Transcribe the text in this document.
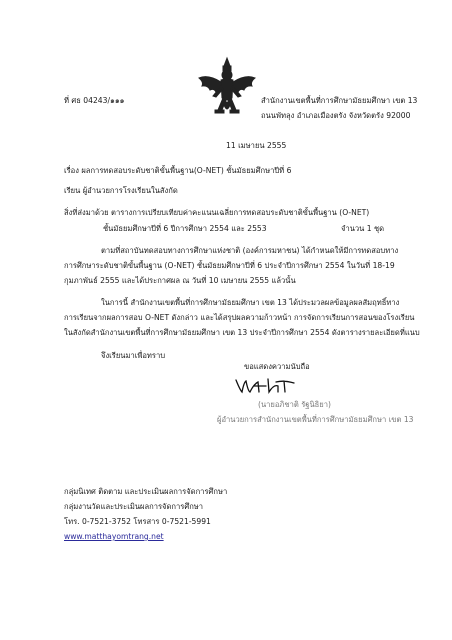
ที่ ศธ 04243/๑๑๑	สำนักงานเขตพื้นที่การศึกษามัธยมศึกษา เขต 13
ถนนพัทลุง อำเภอเมืองตรัง จังหวัดตรัง 92000
11 เมษายน 2555
เรื่อง ผลการทดสอบระดับชาติขั้นพื้นฐาน(O-NET) ชั้นมัธยมศึกษาปีที่ 6
เรียน ผู้อำนวยการโรงเรียนในสังกัด
สิ่งที่ส่งมาด้วย ตารางการเปรียบเทียบค่าคะแนนเฉลี่ยการทดสอบระดับชาติขั้นพื้นฐาน (O-NET)
ชั้นมัธยมศึกษาปีที่ 6 ปีการศึกษา 2554 และ 2553	จำนวน 1 ชุด
ตามที่สถาบันทดสอบทางการศึกษาแห่งชาติ (องค์การมหาชน) ได้กำหนดให้มีการทดสอบทาง
การศึกษาระดับชาติขั้นพื้นฐาน (O-NET) ชั้นมัธยมศึกษาปีที่ 6 ประจำปีการศึกษา 2554 ในวันที่ 18-19
กุมภาพันธ์ 2555 และได้ประกาศผล ณ วันที่ 10 เมษายน 2555 แล้วนั้น
ในการนี้ สำนักงานเขตพื้นที่การศึกษามัธยมศึกษา เขต 13 ได้ประมวลผลข้อมูลผลสัมฤทธิ์ทาง
การเรียนจากผลการสอบ O-NET ดังกล่าว และได้สรุปผลความก้าวหน้า การจัดการเรียนการสอนของโรงเรียน
ในสังกัดสำนักงานเขตพื้นที่การศึกษามัธยมศึกษา เขต 13 ประจำปีการศึกษา 2554 ดังตารางรายละเอียดที่แนบ
จึงเรียนมาเพื่อทราบ
ขอแสดงความนับถือ
(นายอภิชาติ รัฐนิธิยา)
ผู้อำนวยการสำนักงานเขตพื้นที่การศึกษามัธยมศึกษา เขต 13
กลุ่มนิเทศ ติดตาม และประเมินผลการจัดการศึกษา
กลุ่มงานวัดและประเมินผลการจัดการศึกษา
โทร. 0-7521-3752 โทรสาร 0-7521-5991
www.matthayomtrang.net
